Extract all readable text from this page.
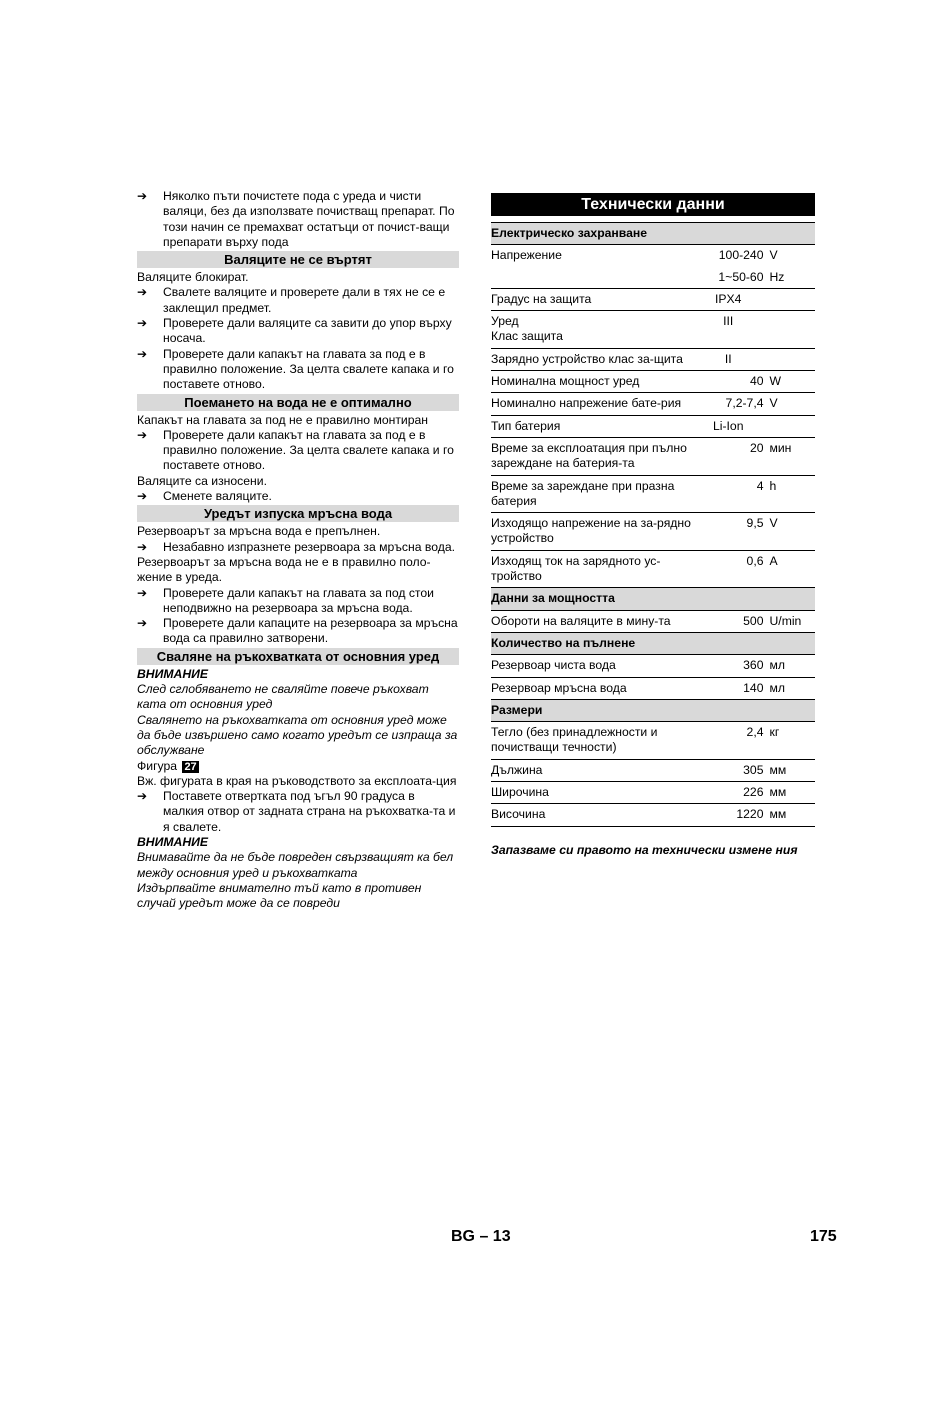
➔	Няколко пъти почистете пода с уреда и чисти валяци, без да използвате почистващ препарат. По този начин се премахват остатъци от почист-ващи препарати върху пода
Валяците не се въртят

Валяците блокират.

➔	Свалете валяците и проверете дали в тях не се е заклещил предмет.
➔	Проверете дали валяците са завити до упор върху носача.
➔	Проверете дали капакът на главата за под е в правилно положение. За целта свалете капака и го поставете отново.
Поемането на вода не е оптимално

Капакът на главата за под не е правилно монтиран

➔	Проверете дали капакът на главата за под е в правилно положение. За целта свалете капака и го поставете отново.

Валяците са износени.

➔	Сменете валяците.
Уредът изпуска мръсна вода

Резервоарът за мръсна вода е препълнен.

➔	Незабавно изпразнете резервоара за мръсна вода.

Резервоарът за мръсна вода не е в правилно поло-жение в уреда.

➔	Проверете дали капакът на главата за под стои неподвижно на резервоара за мръсна вода.
➔	Проверете дали капаците на резервоара за мръсна вода са правилно затворени.
Сваляне на ръкохватката от основния уред

ВНИМАНИЕ

След сглобяването не сваляйте повече ръкохват ката от основния уред

Свалянето на ръкохватката от основния уред може да бъде извършено само когато уредът се изпраща за обслужване

Фигура 27

Вж. фигурата в края на ръководството за експлоата-ция

➔	Поставете отвертката под ъгъл 90 градуса в малкия отвор от задната страна на ръкохватка-та и я свалете.

ВНИМАНИЕ

Внимавайте да не бъде повреден свързващият ка бел между основния уред и ръкохватката

Издърпвайте внимателно тъй като в противен случай уредът може да се повреди

Технически данни
Електрическо захранване		
Напрежение	100-240	V
	1~50-60	Hz
Градус на защита	IPX4	
Уред
Клас защита	III	
Зарядно устройство клас за-щита	II	
Номинална мощност уред	40	W
Номинално напрежение бате-рия	7,2-7,4	V
Тип батерия	Li-Ion	
Време за експлоатация при пълно зареждане на батерия-та	20	мин
Време за зареждане при празна батерия	4	h
Изходящо напрежение на за-рядно устройство	9,5	V
Изходящ ток на зарядното ус-тройство	0,6	A
Данни за мощността		
Обороти на валяците в мину-та	500	U/min
Количество на пълнене		
Резервоар чиста вода	360	мл
Резервоар мръсна вода	140	мл
Размери		
Тегло (без принадлежности и почистващи течности)	2,4	кг
Дължина	305	мм
Широчина	226	мм
Височина	1220	мм

Запазваме си правото на технически измене ния

BG – 13	175
